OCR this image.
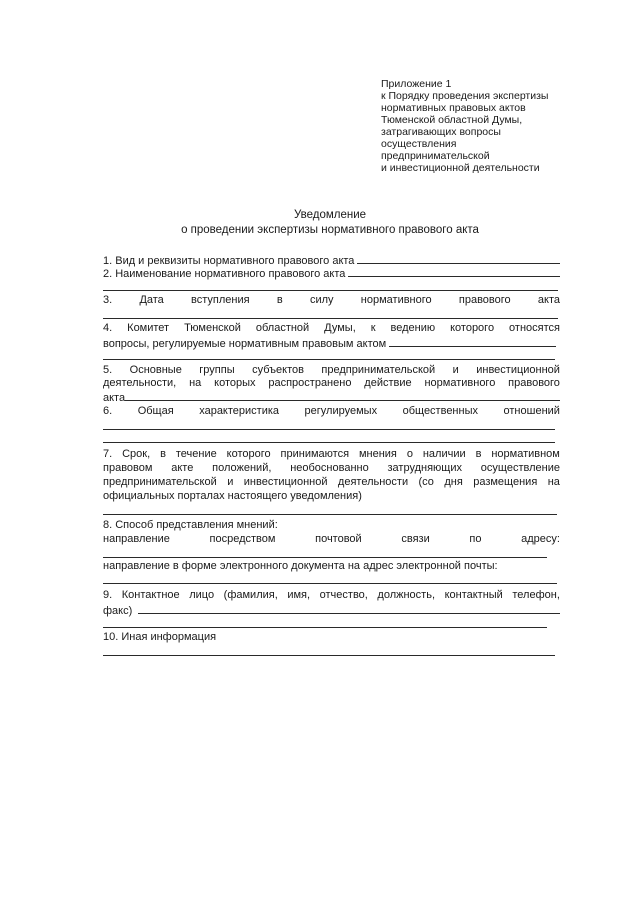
Приложение 1
к Порядку проведения экспертизы
нормативных правовых актов
Тюменской областной Думы,
затрагивающих вопросы
осуществления
предпринимательской
и инвестиционной деятельности
Уведомление
о проведении экспертизы нормативного правового акта
1. Вид и реквизиты нормативного правового акта
2. Наименование нормативного правового акта
3. Дата вступления в силу нормативного правового акта
4. Комитет Тюменской областной Думы, к ведению которого относятся
вопросы, регулируемые нормативным правовым актом
5. Основные группы субъектов предпринимательской и инвестиционной
деятельности, на которых распространено действие нормативного правового
акта
6. Общая характеристика регулируемых общественных отношений
7. Срок, в течение которого принимаются мнения о наличии в нормативном
правовом акте положений, необоснованно затрудняющих осуществление
предпринимательской и инвестиционной деятельности (со дня размещения на
официальных порталах настоящего уведомления)
8. Способ представления мнений:
направление	посредством	почтовой	связи	по	адресу:
направление в форме электронного документа на адрес электронной почты:
9. Контактное лицо (фамилия, имя, отчество, должность, контактный телефон,
факс)
10. Иная информация
